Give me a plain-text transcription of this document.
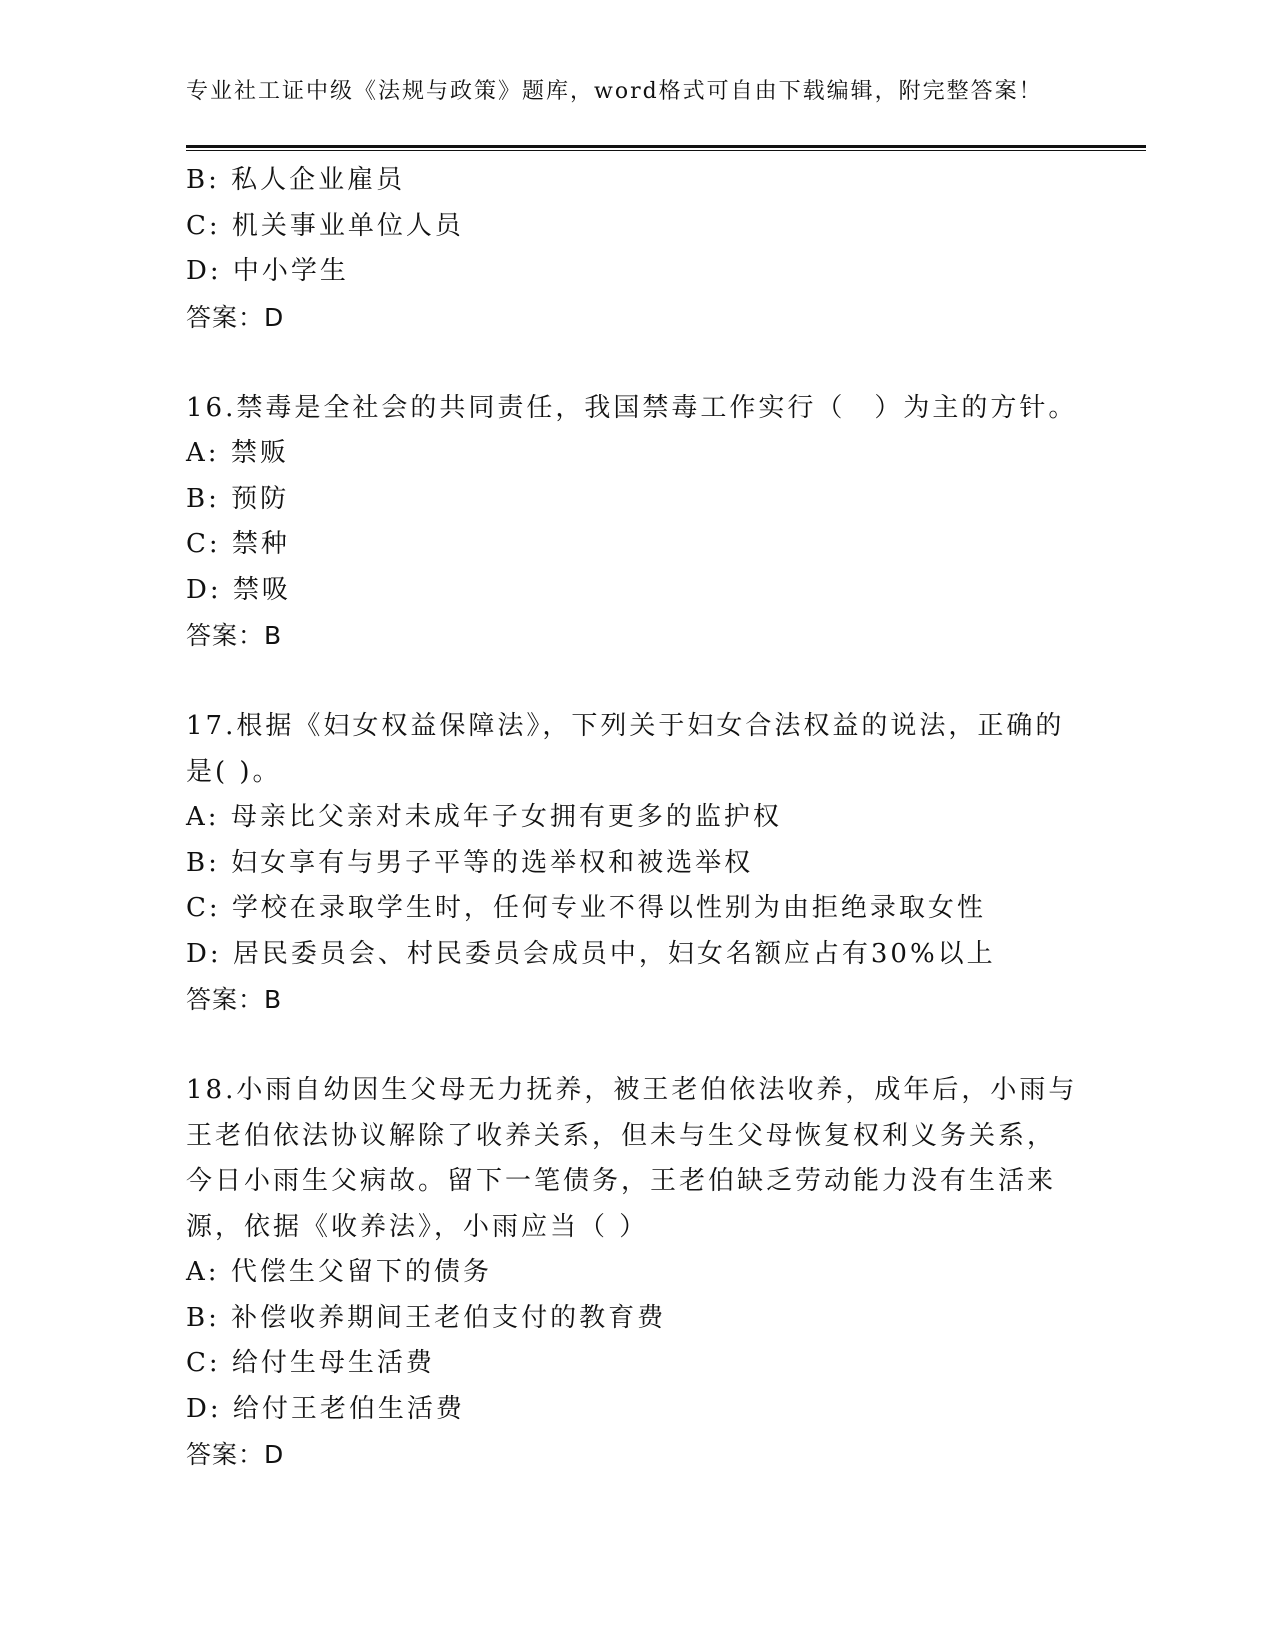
专业社工证中级《法规与政策》题库，word格式可自由下载编辑，附完整答案！
B: 私人企业雇员
C: 机关事业单位人员
D: 中小学生
答案：D
16.禁毒是全社会的共同责任，我国禁毒工作实行（　）为主的方针。
A: 禁贩
B: 预防
C: 禁种
D: 禁吸
答案：B
17.根据《妇女权益保障法》，下列关于妇女合法权益的说法，正确的
是( )。
A: 母亲比父亲对未成年子女拥有更多的监护权
B: 妇女享有与男子平等的选举权和被选举权
C: 学校在录取学生时，任何专业不得以性别为由拒绝录取女性
D: 居民委员会、村民委员会成员中，妇女名额应占有30%以上
答案：B
18.小雨自幼因生父母无力抚养，被王老伯依法收养，成年后，小雨与
王老伯依法协议解除了收养关系，但未与生父母恢复权利义务关系，
今日小雨生父病故。留下一笔债务，王老伯缺乏劳动能力没有生活来
源，依据《收养法》，小雨应当（ ）
A: 代偿生父留下的债务
B: 补偿收养期间王老伯支付的教育费
C: 给付生母生活费
D: 给付王老伯生活费
答案：D
